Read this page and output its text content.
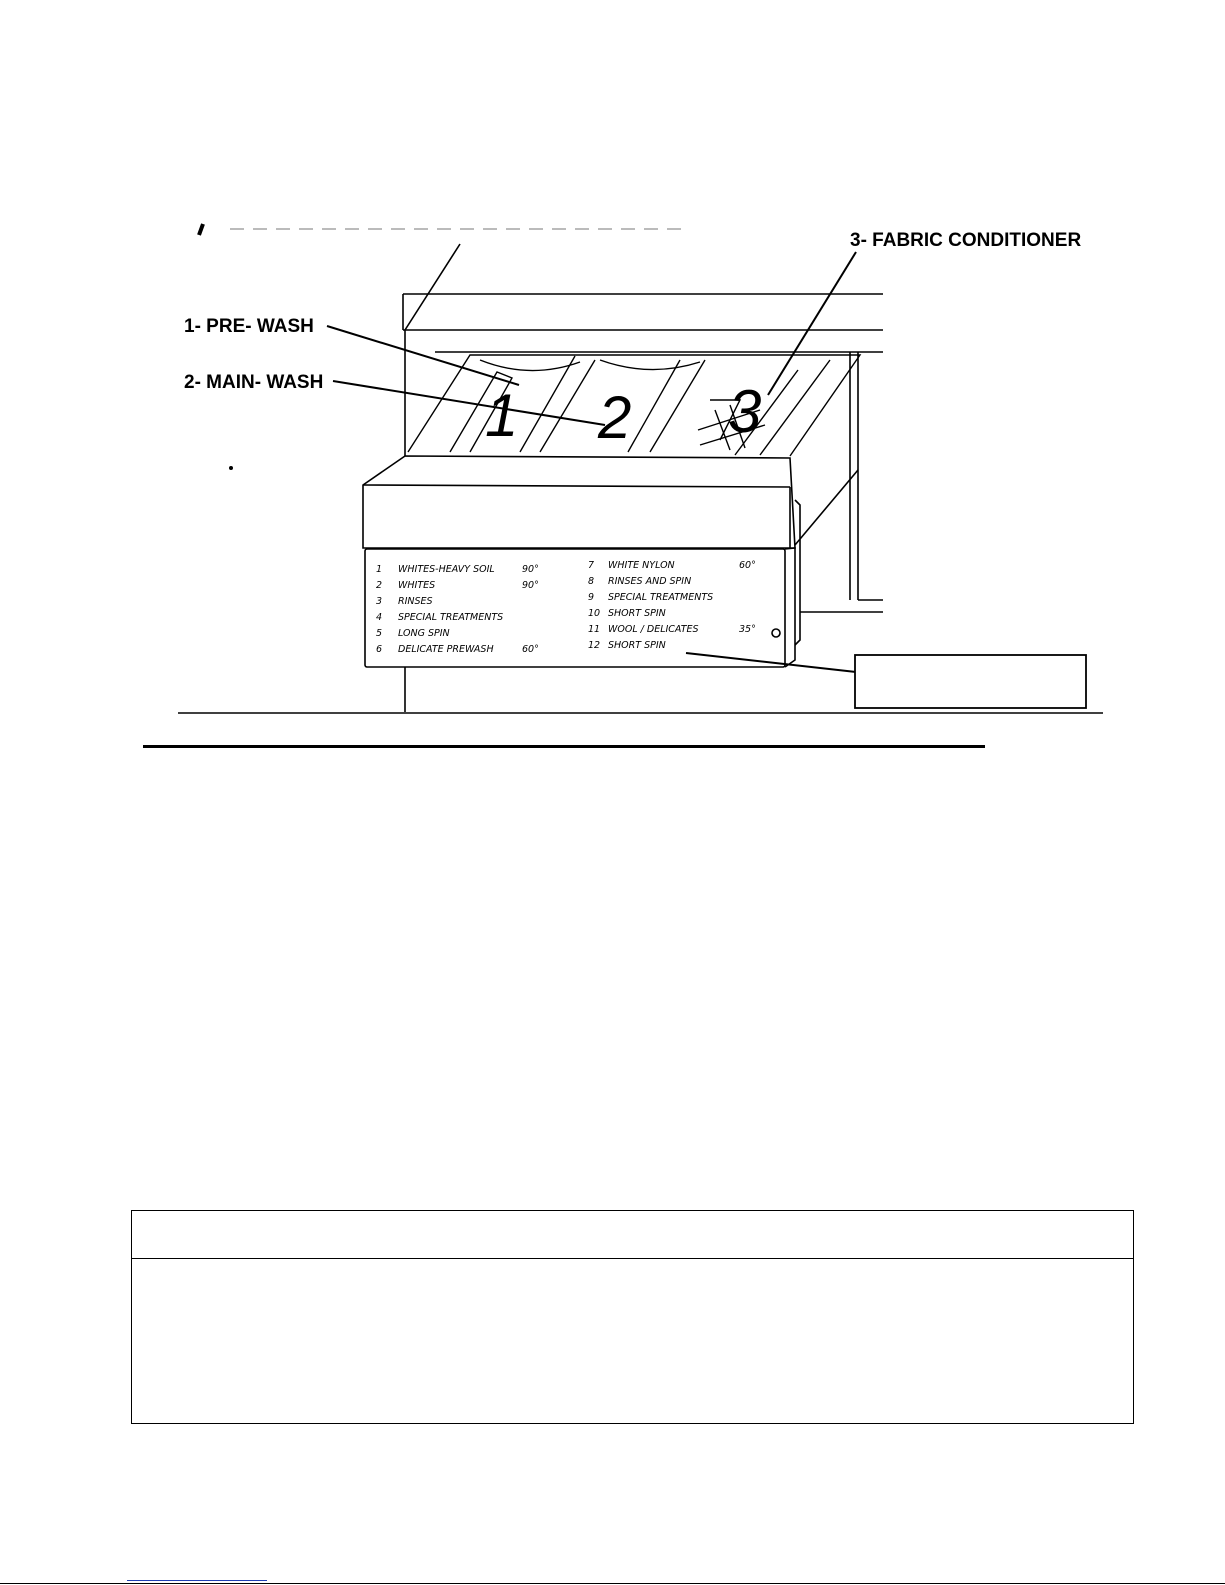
1 2 3
1 WHITES-HEAVY SOIL	90°
2 WHITES	90°
3 RINSES
4 SPECIAL TREATMENTS
5 LONG SPIN
6 DELICATE PREWASH	60°
7 WHITE NYLON	60°
8 RINSES AND SPIN
9 SPECIAL TREATMENTS
10 SHORT SPIN
11 WOOL / DELICATES	35°
12 SHORT SPIN
1- PRE- WASH
2- MAIN- WASH
3- FABRIC CONDITIONER
